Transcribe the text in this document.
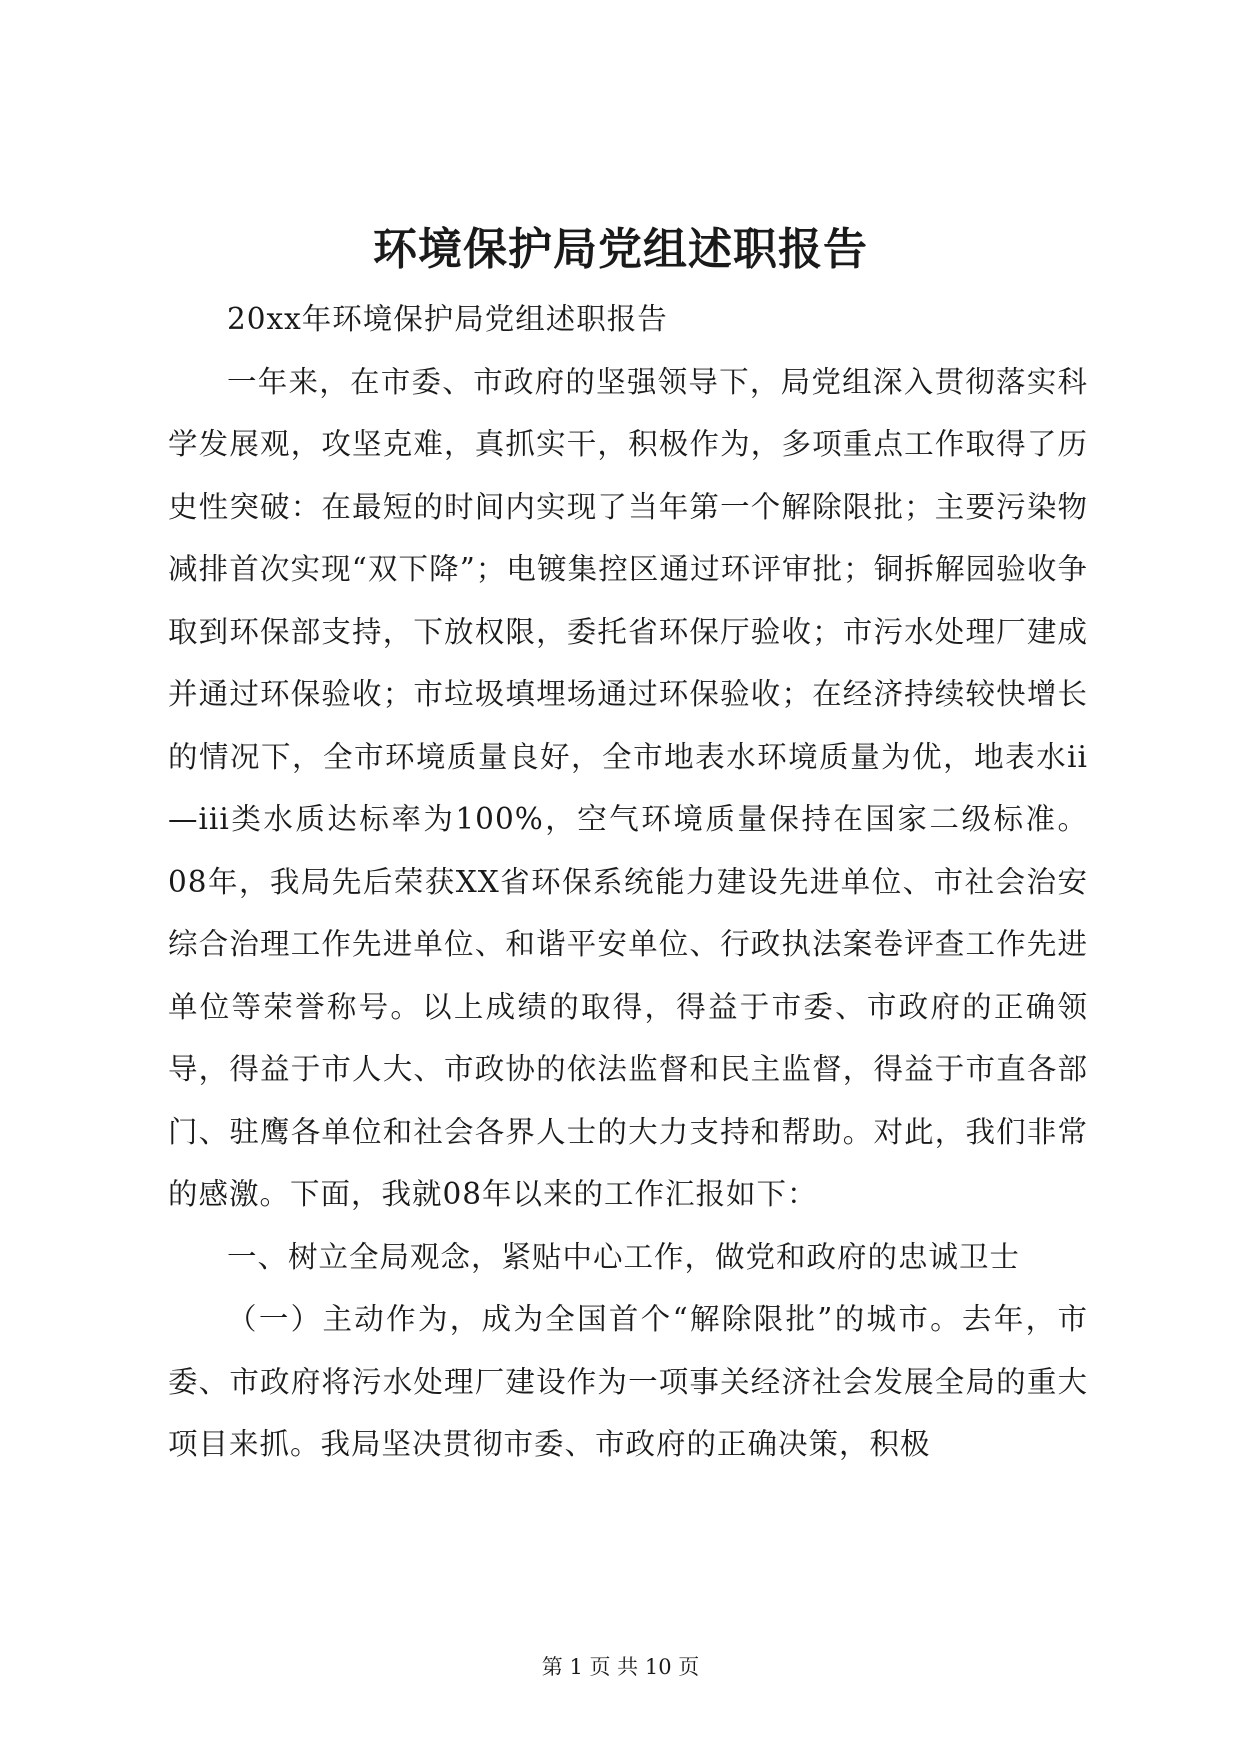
环境保护局党组述职报告

20xx年环境保护局党组述职报告

一年来，在市委、市政府的坚强领导下，局党组深入贯彻落实科学发展观，攻坚克难，真抓实干，积极作为，多项重点工作取得了历史性突破：在最短的时间内实现了当年第一个解除限批；主要污染物减排首次实现“双下降”；电镀集控区通过环评审批；铜拆解园验收争取到环保部支持，下放权限，委托省环保厅验收；市污水处理厂建成并通过环保验收；市垃圾填埋场通过环保验收；在经济持续较快增长的情况下，全市环境质量良好，全市地表水环境质量为优，地表水ii—iii类水质达标率为100%，空气环境质量保持在国家二级标准。08年，我局先后荣获XX省环保系统能力建设先进单位、市社会治安综合治理工作先进单位、和谐平安单位、行政执法案卷评查工作先进单位等荣誉称号。以上成绩的取得，得益于市委、市政府的正确领导，得益于市人大、市政协的依法监督和民主监督，得益于市直各部门、驻鹰各单位和社会各界人士的大力支持和帮助。对此，我们非常的感激。下面，我就08年以来的工作汇报如下：

一、树立全局观念，紧贴中心工作，做党和政府的忠诚卫士

（一）主动作为，成为全国首个“解除限批”的城市。去年，市委、市政府将污水处理厂建设作为一项事关经济社会发展全局的重大项目来抓。我局坚决贯彻市委、市政府的正确决策，积极

第 1 页 共 10 页
